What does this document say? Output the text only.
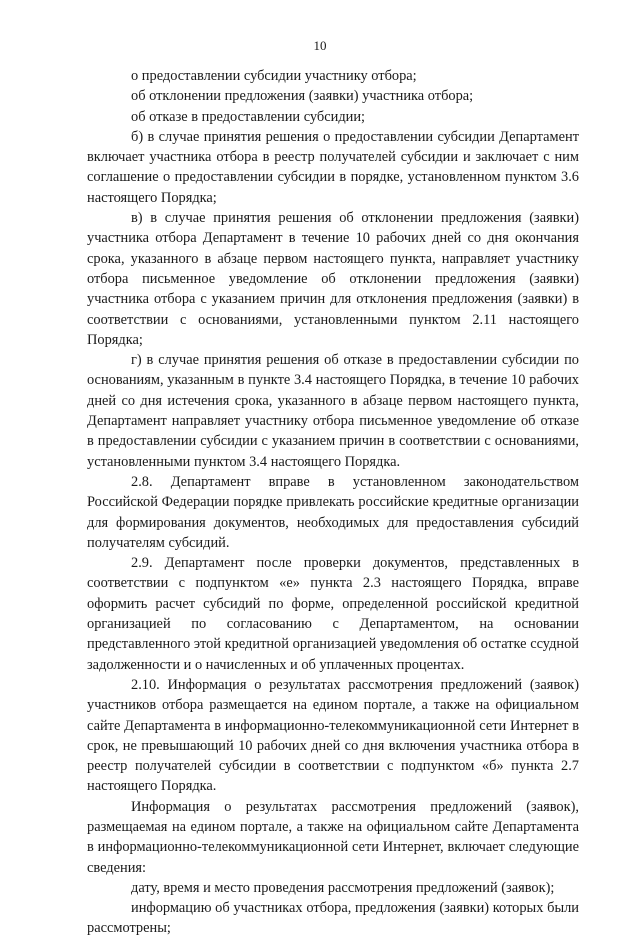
10

о предоставлении субсидии участнику отбора;

об отклонении предложения (заявки) участника отбора;

об отказе в предоставлении субсидии;

б) в случае принятия решения о предоставлении субсидии Департамент включает участника отбора в реестр получателей субсидии и заключает с ним соглашение о предоставлении субсидии в порядке, установленном пунктом 3.6 настоящего Порядка;

в) в случае принятия решения об отклонении предложения (заявки) участника отбора Департамент в течение 10 рабочих дней со дня окончания срока, указанного в абзаце первом настоящего пункта, направляет участнику отбора письменное уведомление об отклонении предложения (заявки) участника отбора с указанием причин для отклонения предложения (заявки) в соответствии с основаниями, установленными пунктом 2.11 настоящего Порядка;

г) в случае принятия решения об отказе в предоставлении субсидии по основаниям, указанным в пункте 3.4 настоящего Порядка, в течение 10 рабочих дней со дня истечения срока, указанного в абзаце первом настоящего пункта, Департамент направляет участнику отбора письменное уведомление об отказе в предоставлении субсидии с указанием причин в соответствии с основаниями, установленными пунктом 3.4 настоящего Порядка.

2.8. Департамент вправе в установленном законодательством Российской Федерации порядке привлекать российские кредитные организации для формирования документов, необходимых для предоставления субсидий получателям субсидий.

2.9. Департамент после проверки документов, представленных в соответствии с подпунктом «е» пункта 2.3 настоящего Порядка, вправе оформить расчет субсидий по форме, определенной российской кредитной организацией по согласованию с Департаментом, на основании представленного этой кредитной организацией уведомления об остатке ссудной задолженности и о начисленных и об уплаченных процентах.

2.10. Информация о результатах рассмотрения предложений (заявок) участников отбора размещается на едином портале, а также на официальном сайте Департамента в информационно-телекоммуникационной сети Интернет в срок, не превышающий 10 рабочих дней со дня включения участника отбора в реестр получателей субсидии в соответствии с подпунктом «б» пункта 2.7 настоящего Порядка.

Информация о результатах рассмотрения предложений (заявок), размещаемая на едином портале, а также на официальном сайте Департамента в информационно-телекоммуникационной сети Интернет, включает следующие сведения:

дату, время и место проведения рассмотрения предложений (заявок);

информацию об участниках отбора, предложения (заявки) которых были рассмотрены;
